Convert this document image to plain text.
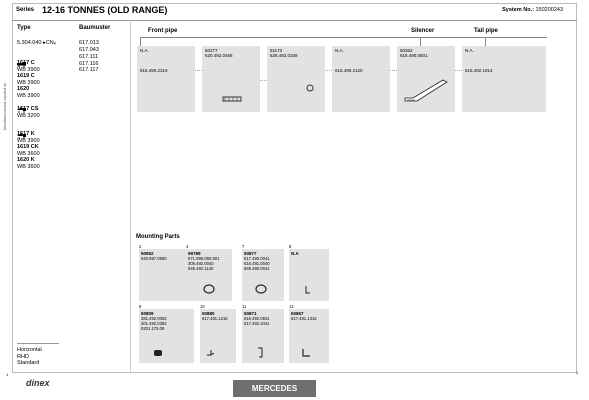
Series 12-16 TONNES (OLD RANGE)	System No.: 150200243
Manufactured and supplied by...
Type	Baumuster
5.304.040 ▸CNₔ	617.013
617.043
1617 C
WB 3900
1619 C
WB 3900
1620
WB 3900
617.111
617.116
617.117
1617 CS
WB 3200
1617 K
WB 3900
1619 CK
WB 3600
1620 K
WB 3600
Horizontal
RHD
Standard
Front pipe	Silencer	Tail pipe
N.A.
616.490.2319
50277
620.492.0466
51170
628.492.0208
N.A.
616.490.2120
50362
616.490.0501
N.A.
616.492.1914
Mounting Parts
2
50852
620.997.0590
4
99789
671.995.090.501
305.492.0040
645.492.1140
7
50877
617.490.0041
616.491.0040
669.490.0041
8
N.A
9
50809
381.492.0082
301.492.0382
0201.175.09
10
50880
617.491.1216
11
50871
616.492.0941
617.492.3441
12
50867
617.491.1316
1	1
dinex
MERCEDES
